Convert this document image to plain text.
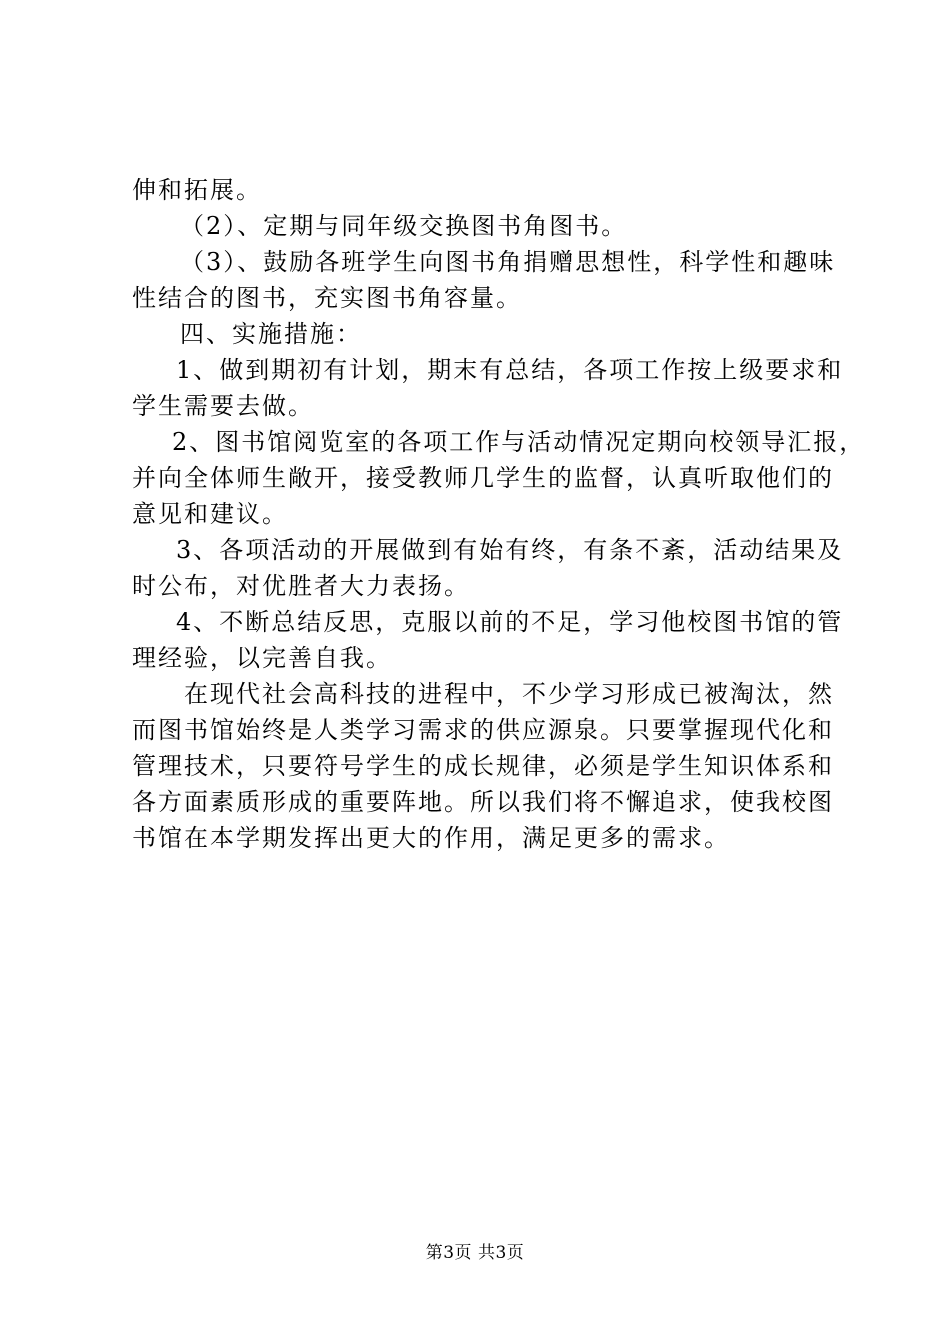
伸和拓展。
（2）、定期与同年级交换图书角图书。
（3）、鼓励各班学生向图书角捐赠思想性，科学性和趣味
性结合的图书，充实图书角容量。
四、实施措施：
1、做到期初有计划，期末有总结，各项工作按上级要求和
学生需要去做。
2、图书馆阅览室的各项工作与活动情况定期向校领导汇报，
并向全体师生敞开，接受教师几学生的监督，认真听取他们的
意见和建议。
3、各项活动的开展做到有始有终，有条不紊，活动结果及
时公布，对优胜者大力表扬。
4、不断总结反思，克服以前的不足，学习他校图书馆的管
理经验，以完善自我。
在现代社会高科技的进程中，不少学习形成已被淘汰，然
而图书馆始终是人类学习需求的供应源泉。只要掌握现代化和
管理技术，只要符号学生的成长规律，必须是学生知识体系和
各方面素质形成的重要阵地。所以我们将不懈追求，使我校图
书馆在本学期发挥出更大的作用，满足更多的需求。
第3页 共3页
